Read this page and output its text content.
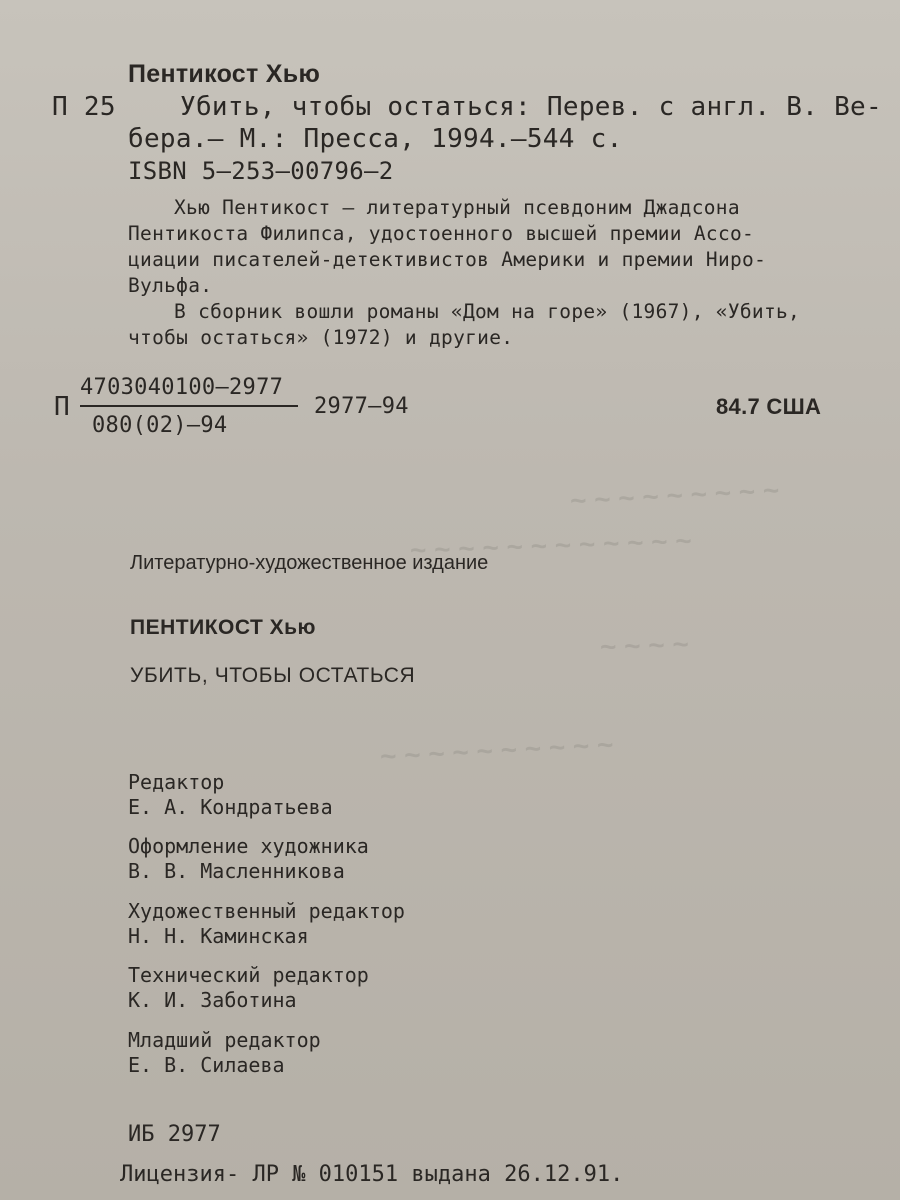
~ ~ ~ ~ ~ ~ ~ ~ ~
~ ~ ~ ~ ~ ~ ~ ~ ~ ~ ~ ~
~ ~ ~ ~
~ ~ ~ ~ ~ ~ ~ ~ ~ ~
Пентикост Хью
П 25 Убить, чтобы остаться: Перев. с англ. В. Ве-
бера.— М.: Пресса, 1994.—544 с.
ISBN 5—253—00796—2
Хью Пентикост — литературный псевдоним Джадсона
Пентикоста Филипса, удостоенного высшей премии Ассо-
циации писателей-детективистов Америки и премии Ниро-
Вульфа.
В сборник вошли романы «Дом на горе» (1967), «Убить,
чтобы остаться» (1972) и другие.
П
4703040100—2977
080(02)—94
2977—94	84.7 США
Литературно-художественное издание
ПЕНТИКОСТ Хью
УБИТЬ, ЧТОБЫ ОСТАТЬСЯ
Редактор
Е. А. Кондратьева
Оформление художника
В. В. Масленникова
Художественный редактор
Н. Н. Каминская
Технический редактор
К. И. Заботина
Младший редактор
Е. В. Силаева
ИБ 2977
Лицензия- ЛР № 010151 выдана 26.12.91.
